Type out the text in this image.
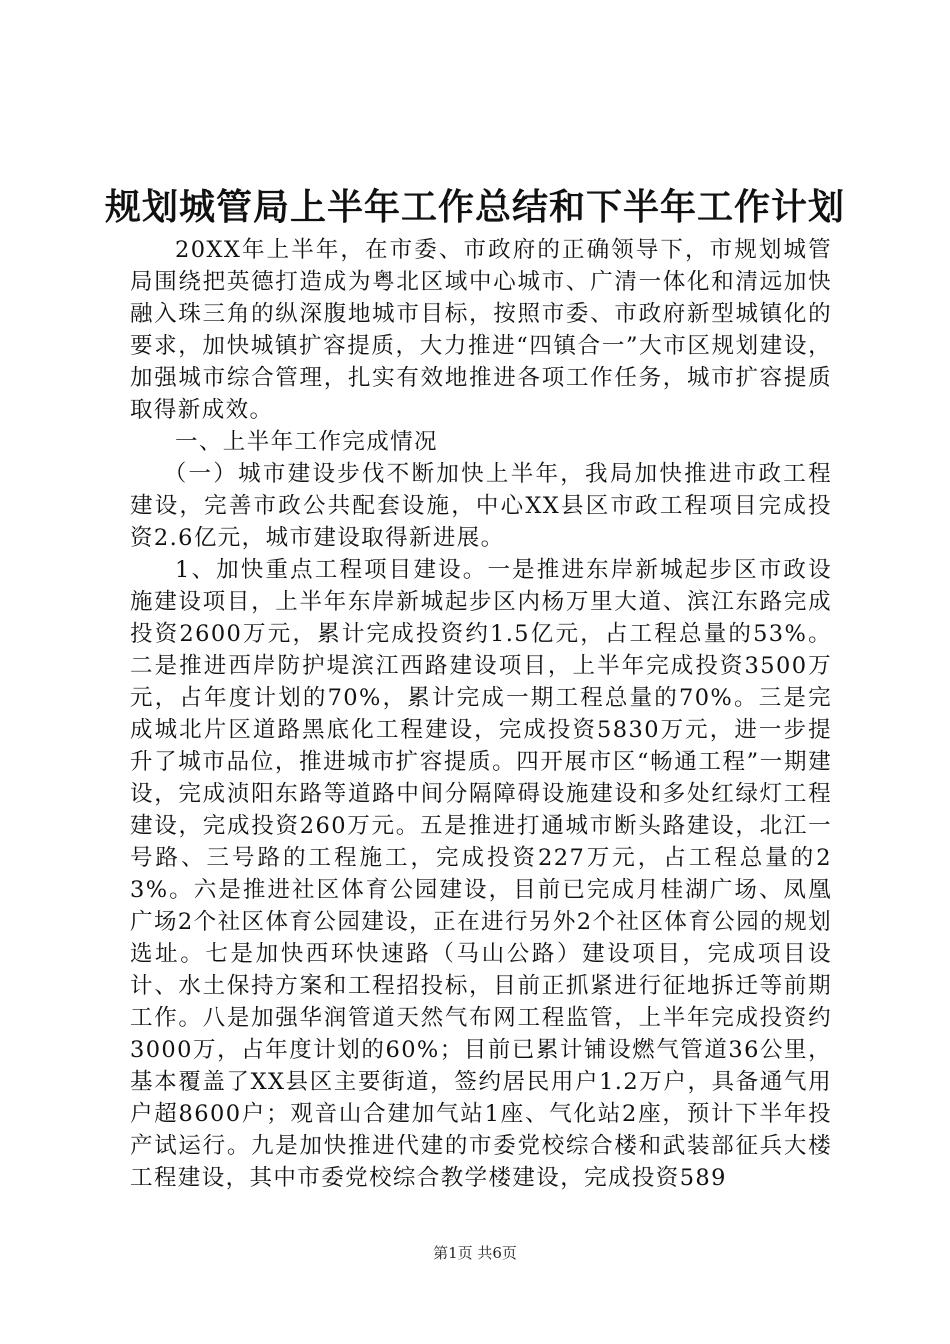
规划城管局上半年工作总结和下半年工作计划

20XX年上半年，在市委、市政府的正确领导下，市规划城管局围绕把英德打造成为粤北区域中心城市、广清一体化和清远加快融入珠三角的纵深腹地城市目标，按照市委、市政府新型城镇化的要求，加快城镇扩容提质，大力推进“四镇合一”大市区规划建设，加强城市综合管理，扎实有效地推进各项工作任务，城市扩容提质取得新成效。

一、上半年工作完成情况

（一）城市建设步伐不断加快上半年，我局加快推进市政工程建设，完善市政公共配套设施，中心XX县区市政工程项目完成投资2.6亿元，城市建设取得新进展。

1、加快重点工程项目建设。一是推进东岸新城起步区市政设施建设项目，上半年东岸新城起步区内杨万里大道、滨江东路完成投资2600万元，累计完成投资约1.5亿元，占工程总量的53%。二是推进西岸防护堤滨江西路建设项目，上半年完成投资3500万元，占年度计划的70%，累计完成一期工程总量的70%。三是完成城北片区道路黑底化工程建设，完成投资5830万元，进一步提升了城市品位，推进城市扩容提质。四开展市区“畅通工程”一期建设，完成浈阳东路等道路中间分隔障碍设施建设和多处红绿灯工程建设，完成投资260万元。五是推进打通城市断头路建设，北江一号路、三号路的工程施工，完成投资227万元，占工程总量的23%。六是推进社区体育公园建设，目前已完成月桂湖广场、凤凰广场2个社区体育公园建设，正在进行另外2个社区体育公园的规划选址。七是加快西环快速路（马山公路）建设项目，完成项目设计、水土保持方案和工程招投标，目前正抓紧进行征地拆迁等前期工作。八是加强华润管道天然气布网工程监管，上半年完成投资约3000万，占年度计划的60%；目前已累计铺设燃气管道36公里，基本覆盖了XX县区主要街道，签约居民用户1.2万户，具备通气用户超8600户；观音山合建加气站1座、气化站2座，预计下半年投产试运行。九是加快推进代建的市委党校综合楼和武装部征兵大楼工程建设，其中市委党校综合教学楼建设，完成投资589

第1页 共6页
